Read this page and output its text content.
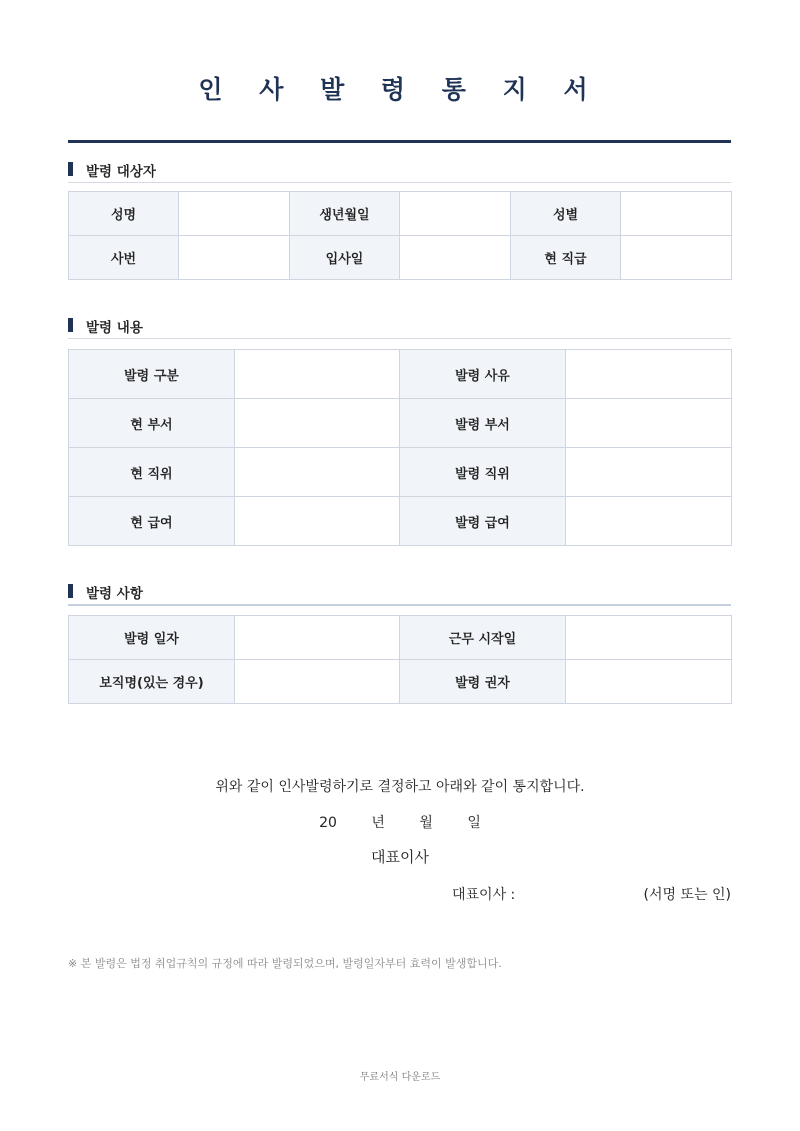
인 사 발 령 통 지 서
발령 대상자
성명		생년월일		성별	
사번		입사일		현 직급	
발령 내용
발령 구분		발령 사유	
현 부서		발령 부서	
현 직위		발령 직위	
현 급여		발령 급여	
발령 사항
발령 일자		근무 시작일	
보직명(있는 경우)		발령 권자	
위와 같이 인사발령하기로 결정하고 아래와 같이 통지합니다.
20 년 월 일
대표이사
대표이사 :	(서명 또는 인)
※ 본 발령은 법정 취업규칙의 규정에 따라 발령되었으며, 발령일자부터 효력이 발생합니다.
무료서식 다운로드
